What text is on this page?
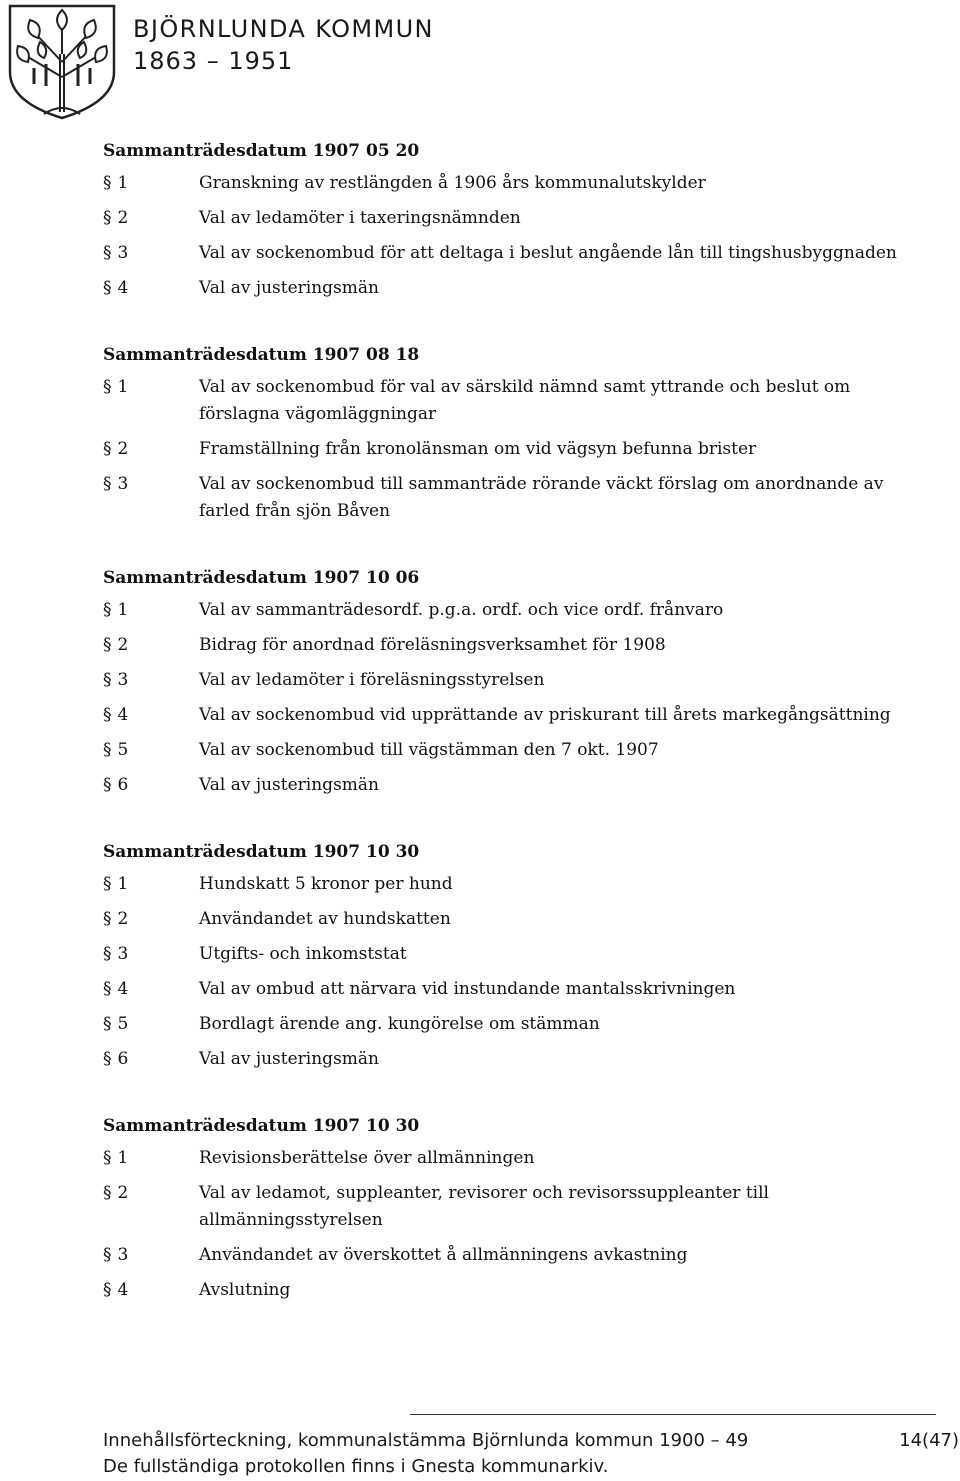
BJÖRNLUNDA KOMMUN
1863 – 1951
Sammanträdesdatum 1907 05 20
§ 1	Granskning av restlängden å 1906 års kommunalutskylder
§ 2	Val av ledamöter i taxeringsnämnden
§ 3	Val av sockenombud för att deltaga i beslut angående lån till tingshusbyggnaden
§ 4	Val av justeringsmän
Sammanträdesdatum 1907 08 18
§ 1	Val av sockenombud för val av särskild nämnd samt yttrande och beslut om förslagna vägomläggningar
§ 2	Framställning från kronolänsman om vid vägsyn befunna brister
§ 3	Val av sockenombud till sammanträde rörande väckt förslag om anordnande av farled från sjön Båven
Sammanträdesdatum 1907 10 06
§ 1	Val av sammanträdesordf. p.g.a. ordf. och vice ordf. frånvaro
§ 2	Bidrag för anordnad föreläsningsverksamhet för 1908
§ 3	Val av ledamöter i föreläsningsstyrelsen
§ 4	Val av sockenombud vid upprättande av priskurant till årets markegångsättning
§ 5	Val av sockenombud till vägstämman den 7 okt. 1907
§ 6	Val av justeringsmän
Sammanträdesdatum 1907 10 30
§ 1	Hundskatt 5 kronor per hund
§ 2	Användandet av hundskatten
§ 3	Utgifts- och inkomststat
§ 4	Val av ombud att närvara vid instundande mantalsskrivningen
§ 5	Bordlagt ärende ang. kungörelse om stämman
§ 6	Val av justeringsmän
Sammanträdesdatum 1907 10 30
§ 1	Revisionsberättelse över allmänningen
§ 2	Val av ledamot, suppleanter, revisorer och revisorssuppleanter till allmänningsstyrelsen
§ 3	Användandet av överskottet å allmänningens avkastning
§ 4	Avslutning
Innehållsförteckning, kommunalstämma Björnlunda kommun 1900 – 49	14(47)
De fullständiga protokollen finns i Gnesta kommunarkiv.
